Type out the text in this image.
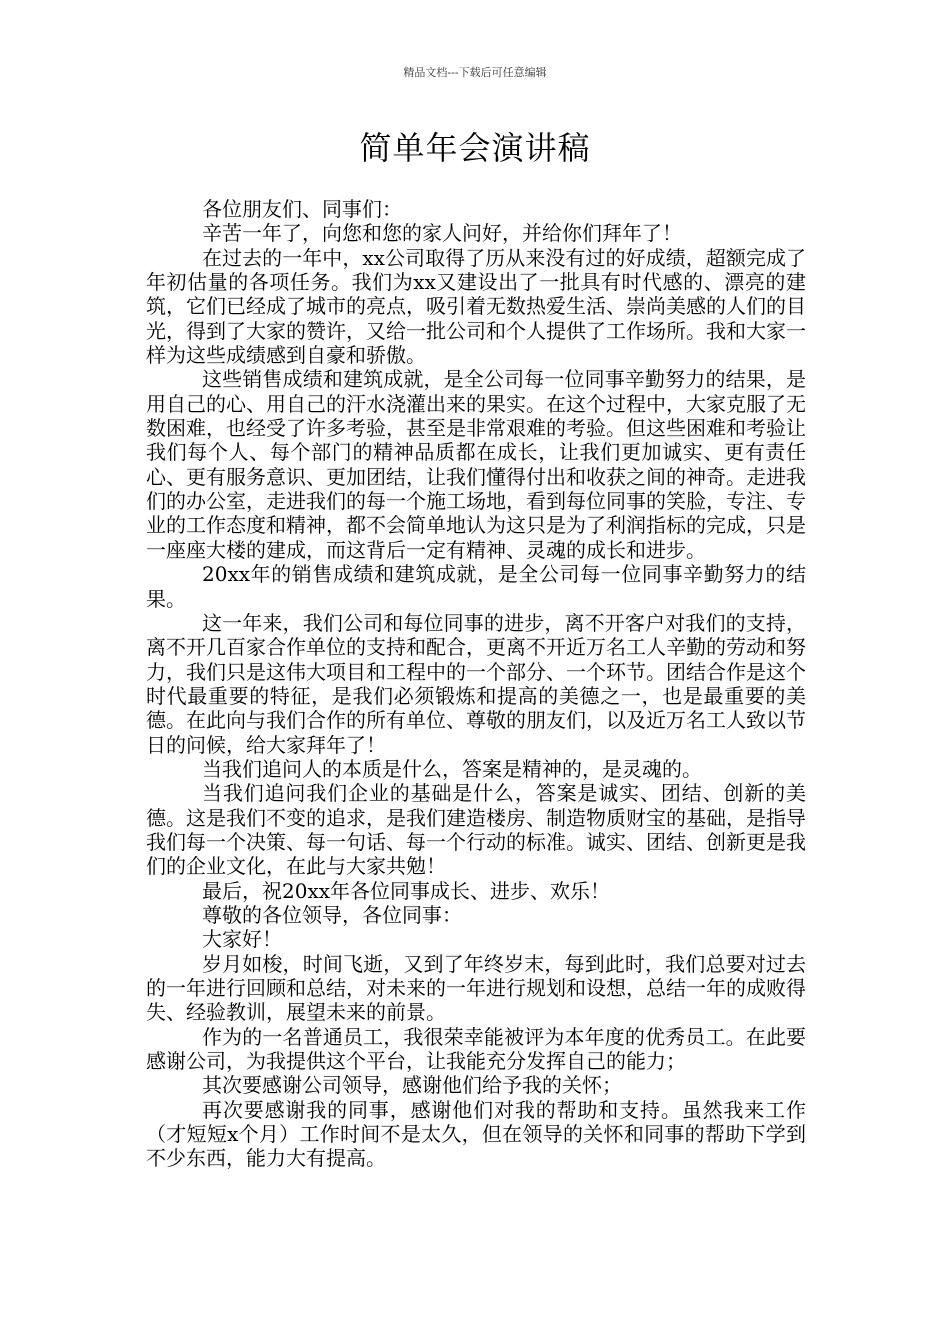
精品文档---下载后可任意编辑
简单年会演讲稿

各位朋友们、同事们：

辛苦一年了，向您和您的家人问好，并给你们拜年了！

在过去的一年中，xx公司取得了历从来没有过的好成绩，超额完成了年初估量的各项任务。我们为xx又建设出了一批具有时代感的、漂亮的建筑，它们已经成了城市的亮点，吸引着无数热爱生活、崇尚美感的人们的目光，得到了大家的赞许，又给一批公司和个人提供了工作场所。我和大家一样为这些成绩感到自豪和骄傲。

这些销售成绩和建筑成就，是全公司每一位同事辛勤努力的结果，是用自己的心、用自己的汗水浇灌出来的果实。在这个过程中，大家克服了无数困难，也经受了许多考验，甚至是非常艰难的考验。但这些困难和考验让我们每个人、每个部门的精神品质都在成长，让我们更加诚实、更有责任心、更有服务意识、更加团结，让我们懂得付出和收获之间的神奇。走进我们的办公室，走进我们的每一个施工场地，看到每位同事的笑脸，专注、专业的工作态度和精神，都不会简单地认为这只是为了利润指标的完成，只是一座座大楼的建成，而这背后一定有精神、灵魂的成长和进步。

20xx年的销售成绩和建筑成就，是全公司每一位同事辛勤努力的结果。

这一年来，我们公司和每位同事的进步，离不开客户对我们的支持，离不开几百家合作单位的支持和配合，更离不开近万名工人辛勤的劳动和努力，我们只是这伟大项目和工程中的一个部分、一个环节。团结合作是这个时代最重要的特征，是我们必须锻炼和提高的美德之一，也是最重要的美德。在此向与我们合作的所有单位、尊敬的朋友们，以及近万名工人致以节日的问候，给大家拜年了！

当我们追问人的本质是什么，答案是精神的，是灵魂的。

当我们追问我们企业的基础是什么，答案是诚实、团结、创新的美德。这是我们不变的追求，是我们建造楼房、制造物质财宝的基础，是指导我们每一个决策、每一句话、每一个行动的标准。诚实、团结、创新更是我们的企业文化，在此与大家共勉！

最后，祝20xx年各位同事成长、进步、欢乐！

尊敬的各位领导，各位同事：

大家好！

岁月如梭，时间飞逝，又到了年终岁末，每到此时，我们总要对过去的一年进行回顾和总结，对未来的一年进行规划和设想，总结一年的成败得失、经验教训，展望未来的前景。

作为的一名普通员工，我很荣幸能被评为本年度的优秀员工。在此要感谢公司，为我提供这个平台，让我能充分发挥自己的能力；

其次要感谢公司领导，感谢他们给予我的关怀；

再次要感谢我的同事，感谢他们对我的帮助和支持。虽然我来工作（才短短x个月）工作时间不是太久，但在领导的关怀和同事的帮助下学到不少东西，能力大有提高。
